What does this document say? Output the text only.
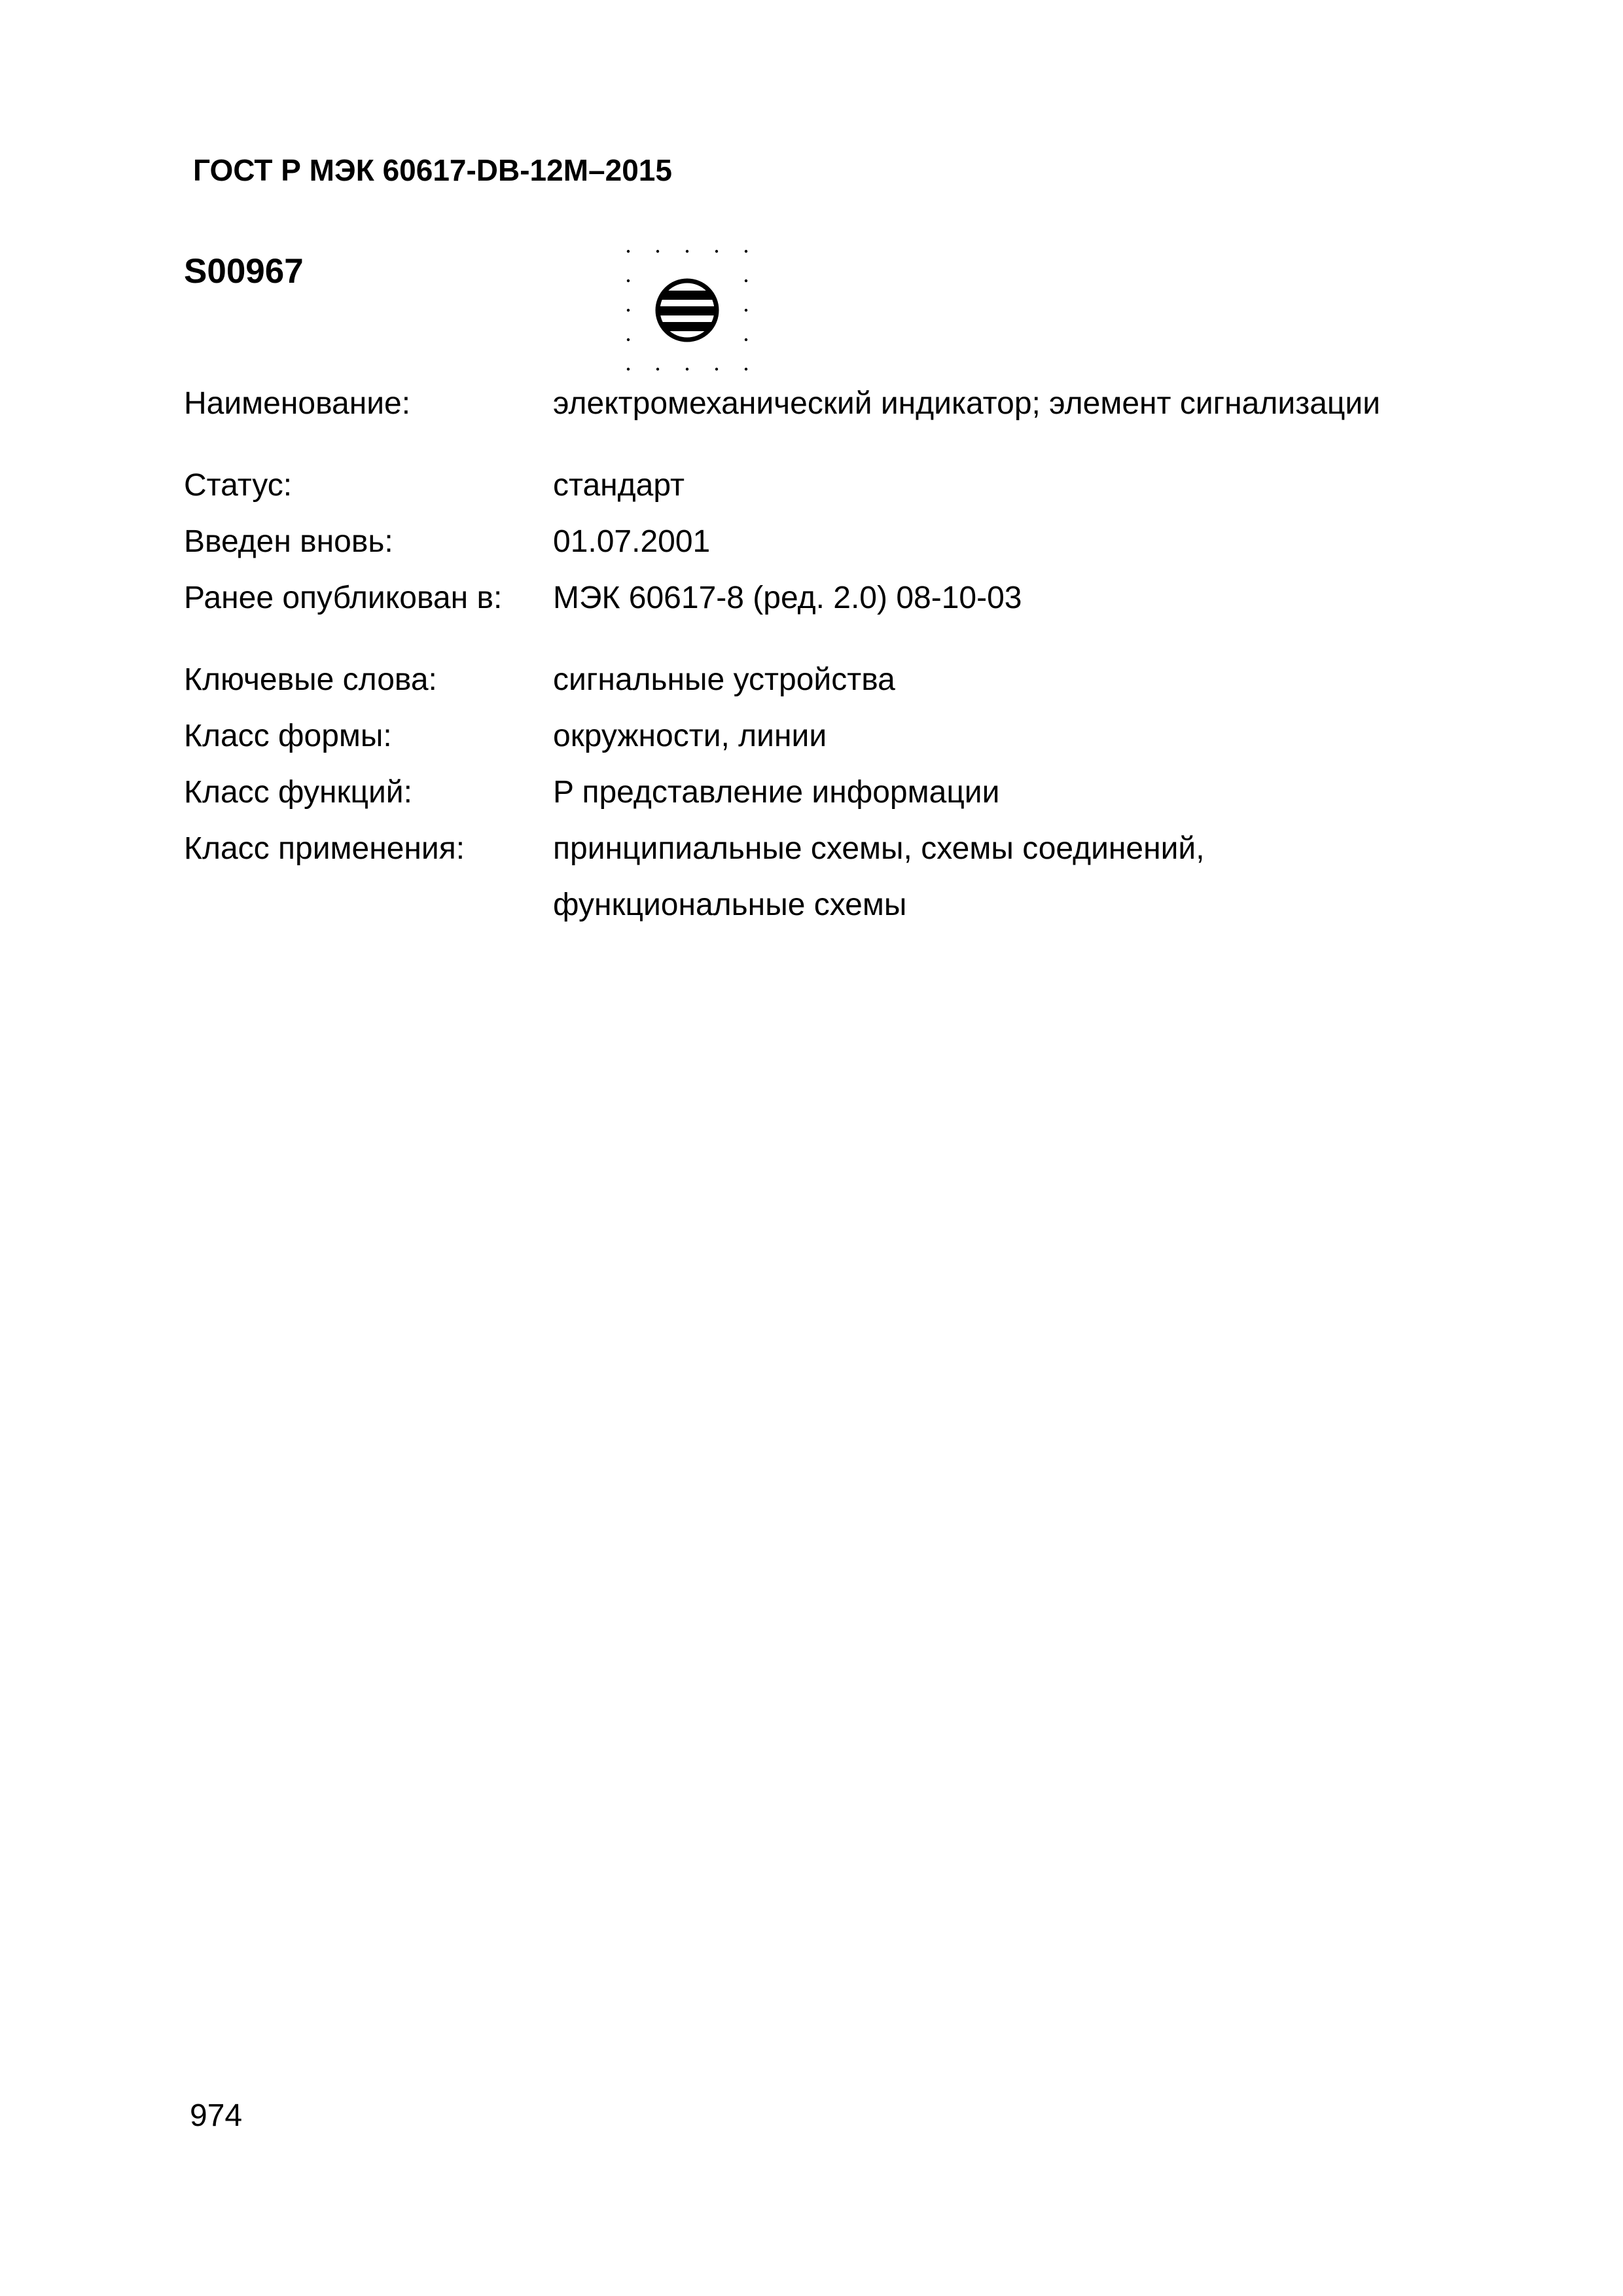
ГОСТ Р МЭК 60617-DB-12M–2015
S00967
Наименование:	электромеханический индикатор; элемент сигнализации
Статус:	стандарт
Введен вновь:	01.07.2001
Ранее опубликован в: МЭК 60617-8 (ред. 2.0) 08-10-03
Ключевые слова:	сигнальные устройства
Класс формы:	окружности, линии
Класс функций:	P представление информации
Класс применения:	принципиальные схемы, схемы соединений,
функциональные схемы
974
